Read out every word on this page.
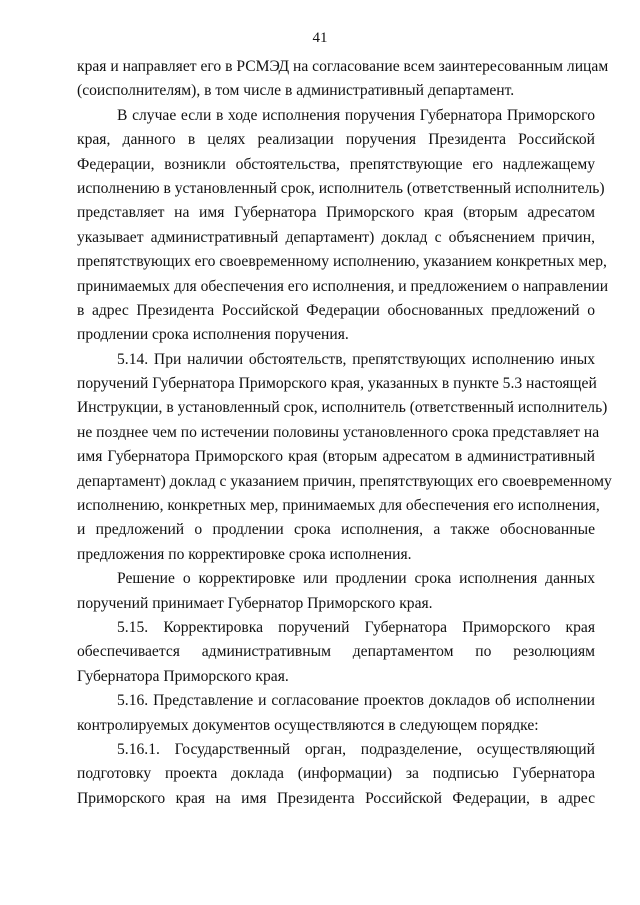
41
края и направляет его в РСМЭД на согласование всем заинтересованным лицам
(соисполнителям), в том числе в административный департамент.
В случае если в ходе исполнения поручения Губернатора Приморского
края, данного в целях реализации поручения Президента Российской
Федерации, возникли обстоятельства, препятствующие его надлежащему
исполнению в установленный срок, исполнитель (ответственный исполнитель)
представляет на имя Губернатора Приморского края (вторым адресатом
указывает административный департамент) доклад с объяснением причин,
препятствующих его своевременному исполнению, указанием конкретных мер,
принимаемых для обеспечения его исполнения, и предложением о направлении
в адрес Президента Российской Федерации обоснованных предложений о
продлении срока исполнения поручения.
5.14. При наличии обстоятельств, препятствующих исполнению иных
поручений Губернатора Приморского края, указанных в пункте 5.3 настоящей
Инструкции, в установленный срок, исполнитель (ответственный исполнитель)
не позднее чем по истечении половины установленного срока представляет на
имя Губернатора Приморского края (вторым адресатом в административный
департамент) доклад с указанием причин, препятствующих его своевременному
исполнению, конкретных мер, принимаемых для обеспечения его исполнения,
и предложений о продлении срока исполнения, а также обоснованные
предложения по корректировке срока исполнения.
Решение о корректировке или продлении срока исполнения данных
поручений принимает Губернатор Приморского края.
5.15. Корректировка поручений Губернатора Приморского края
обеспечивается административным департаментом по резолюциям
Губернатора Приморского края.
5.16. Представление и согласование проектов докладов об исполнении
контролируемых документов осуществляются в следующем порядке:
5.16.1. Государственный орган, подразделение, осуществляющий
подготовку проекта доклада (информации) за подписью Губернатора
Приморского края на имя Президента Российской Федерации, в адрес
